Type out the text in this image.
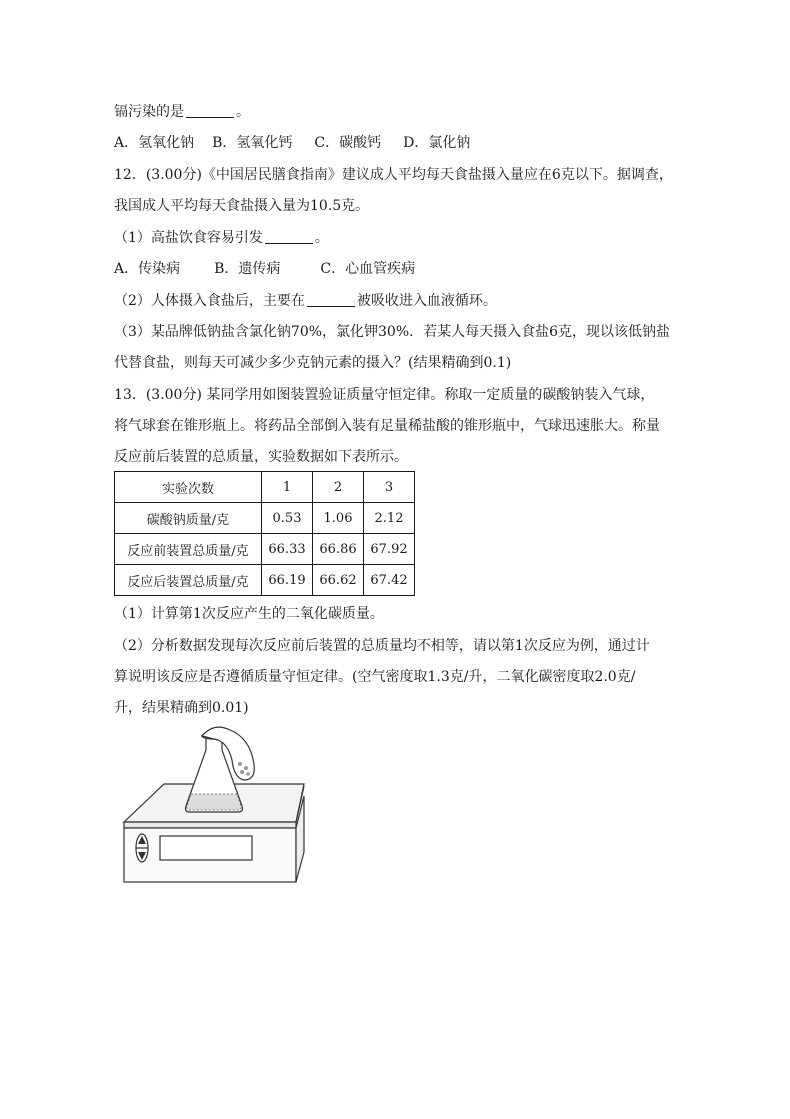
镉污染的是	。
A．氢氧化钠 B．氢氧化钙 C．碳酸钙 D．氯化钠
12．(3.00分)《中国居民膳食指南》建议成人平均每天食盐摄入量应在6克以下。据调查，
我国成人平均每天食盐摄入量为10.5克。
（1）高盐饮食容易引发	。
A．传染病 B．遗传病	C．心血管疾病
（2）人体摄入食盐后，主要在	被吸收进入血液循环。
（3）某品牌低钠盐含氯化钠70%，氯化钾30%．若某人每天摄入食盐6克，现以该低钠盐
代替食盐，则每天可减少多少克钠元素的摄入？(结果精确到0.1)
13．(3.00分) 某同学用如图装置验证质量守恒定律。称取一定质量的碳酸钠装入气球，
将气球套在锥形瓶上。将药品全部倒入装有足量稀盐酸的锥形瓶中，气球迅速胀大。称量
反应前后装置的总质量，实验数据如下表所示。
实验次数	1	2	3
碳酸钠质量/克	0.53	1.06	2.12
反应前装置总质量/克	66.33	66.86	67.92
反应后装置总质量/克	66.19	66.62	67.42
（1）计算第1次反应产生的二氧化碳质量。
（2）分析数据发现每次反应前后装置的总质量均不相等，请以第1次反应为例，通过计
算说明该反应是否遵循质量守恒定律。(空气密度取1.3克/升，二氧化碳密度取2.0克/
升，结果精确到0.01)
